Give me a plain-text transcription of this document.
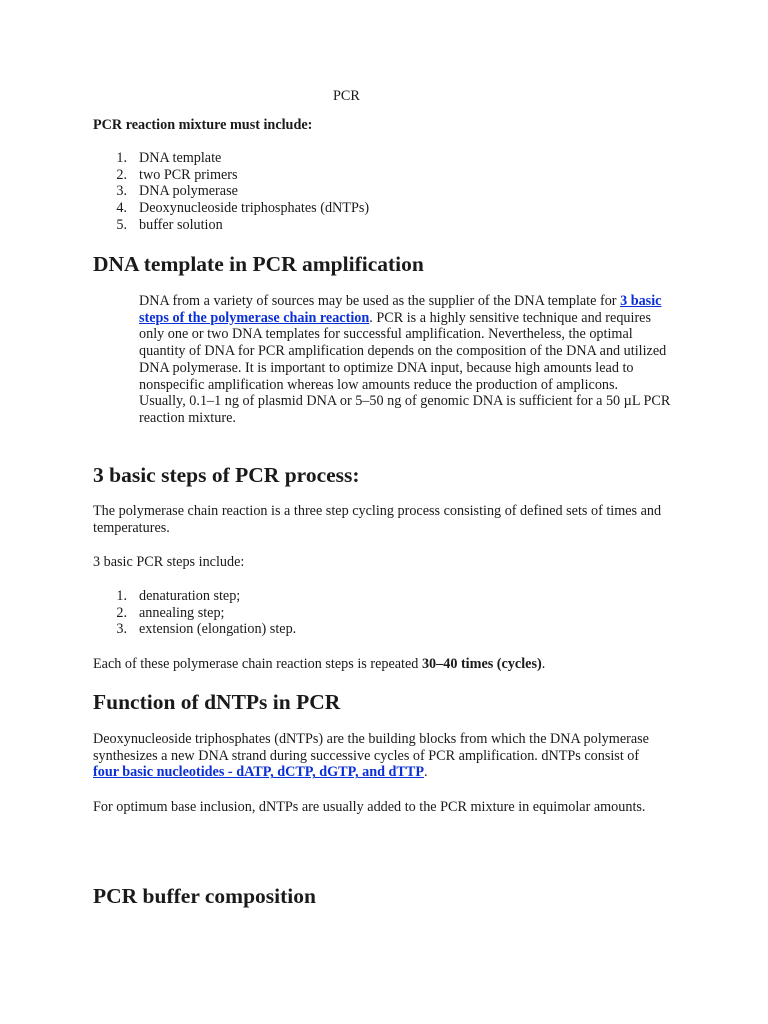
PCR
PCR reaction mixture must include:
1. DNA template
2. two PCR primers
3. DNA polymerase
4. Deoxynucleoside triphosphates (dNTPs)
5. buffer solution
DNA template in PCR amplification

DNA from a variety of sources may be used as the supplier of the DNA template for 3 basic steps of the polymerase chain reaction. PCR is a highly sensitive technique and requires only one or two DNA templates for successful amplification. Nevertheless, the optimal quantity of DNA for PCR amplification depends on the composition of the DNA and utilized DNA polymerase. It is important to optimize DNA input, because high amounts lead to nonspecific amplification whereas low amounts reduce the production of amplicons.

Usually, 0.1–1 ng of plasmid DNA or 5–50 ng of genomic DNA is sufficient for a 50 µL PCR reaction mixture.

3 basic steps of PCR process:

The polymerase chain reaction is a three step cycling process consisting of defined sets of times and temperatures.

3 basic PCR steps include:

1. denaturation step;
2. annealing step;
3. extension (elongation) step.

Each of these polymerase chain reaction steps is repeated 30–40 times (cycles).

Function of dNTPs in PCR

Deoxynucleoside triphosphates (dNTPs) are the building blocks from which the DNA polymerase synthesizes a new DNA strand during successive cycles of PCR amplification. dNTPs consist of four basic nucleotides - dATP, dCTP, dGTP, and dTTP.

For optimum base inclusion, dNTPs are usually added to the PCR mixture in equimolar amounts.

PCR buffer composition
